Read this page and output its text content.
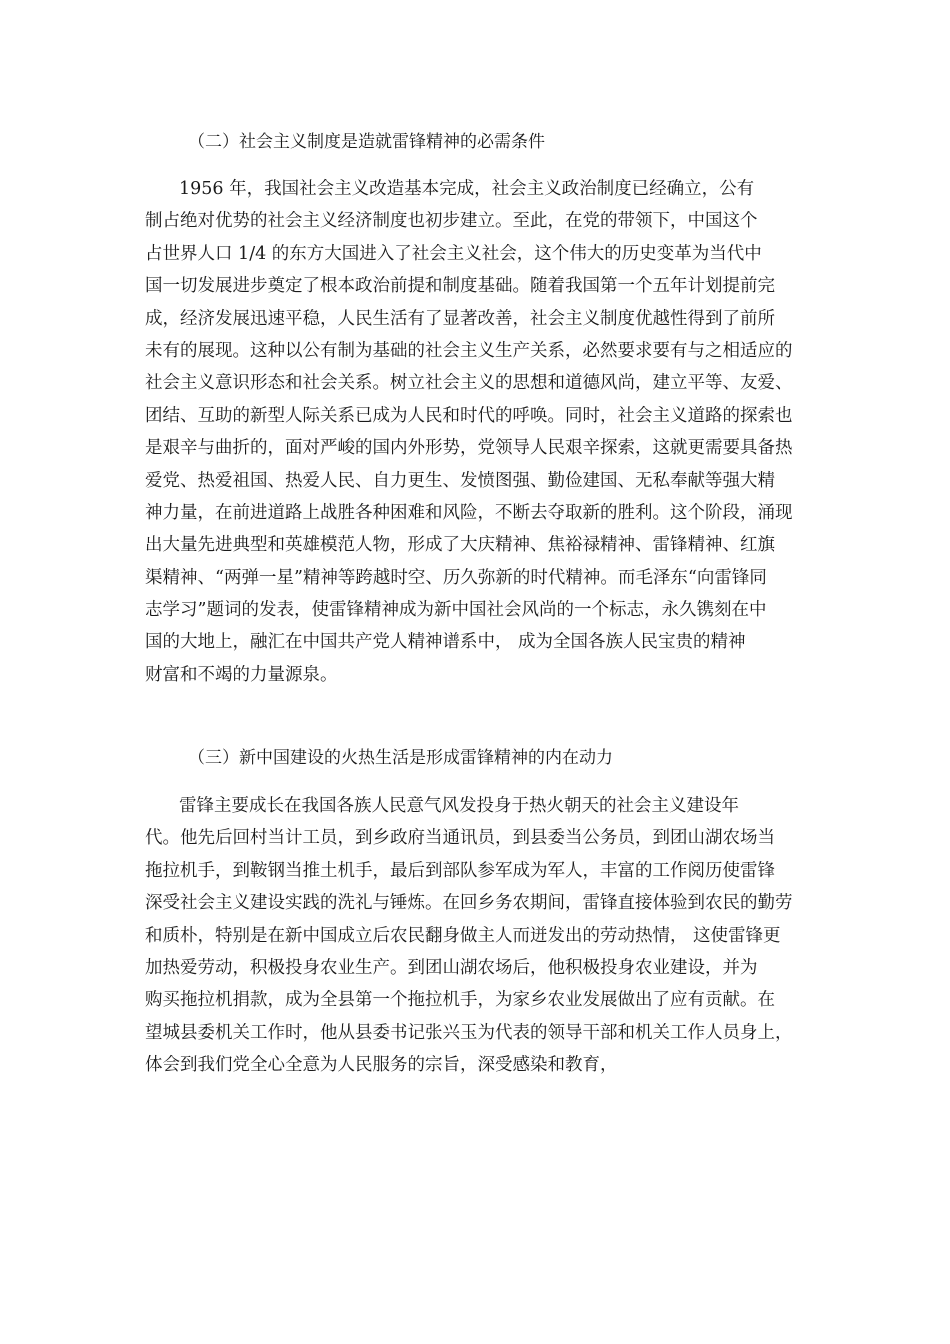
（二）社会主义制度是造就雷锋精神的必需条件
1956 年，我国社会主义改造基本完成，社会主义政治制度已经确立，公有
制占绝对优势的社会主义经济制度也初步建立。至此，在党的带领下，中国这个
占世界人口 1/4 的东方大国进入了社会主义社会，这个伟大的历史变革为当代中
国一切发展进步奠定了根本政治前提和制度基础。随着我国第一个五年计划提前完
成，经济发展迅速平稳，人民生活有了显著改善，社会主义制度优越性得到了前所
未有的展现。这种以公有制为基础的社会主义生产关系，必然要求要有与之相适应的
社会主义意识形态和社会关系。树立社会主义的思想和道德风尚，建立平等、友爱、
团结、互助的新型人际关系已成为人民和时代的呼唤。同时，社会主义道路的探索也
是艰辛与曲折的，面对严峻的国内外形势，党领导人民艰辛探索，这就更需要具备热
爱党、热爱祖国、热爱人民、自力更生、发愤图强、勤俭建国、无私奉献等强大精
神力量，在前进道路上战胜各种困难和风险，不断去夺取新的胜利。这个阶段，涌现
出大量先进典型和英雄模范人物，形成了大庆精神、焦裕禄精神、雷锋精神、红旗
渠精神、“两弹一星”精神等跨越时空、历久弥新的时代精神。而毛泽东“向雷锋同
志学习”题词的发表，使雷锋精神成为新中国社会风尚的一个标志，永久镌刻在中
国的大地上，融汇在中国共产党人精神谱系中， 成为全国各族人民宝贵的精神
财富和不竭的力量源泉。
（三）新中国建设的火热生活是形成雷锋精神的内在动力
雷锋主要成长在我国各族人民意气风发投身于热火朝天的社会主义建设年
代。他先后回村当计工员，到乡政府当通讯员，到县委当公务员，到团山湖农场当
拖拉机手，到鞍钢当推土机手，最后到部队参军成为军人，丰富的工作阅历使雷锋
深受社会主义建设实践的洗礼与锤炼。在回乡务农期间，雷锋直接体验到农民的勤劳
和质朴，特别是在新中国成立后农民翻身做主人而迸发出的劳动热情， 这使雷锋更
加热爱劳动，积极投身农业生产。到团山湖农场后，他积极投身农业建设，并为
购买拖拉机捐款，成为全县第一个拖拉机手，为家乡农业发展做出了应有贡献。在
望城县委机关工作时，他从县委书记张兴玉为代表的领导干部和机关工作人员身上，
体会到我们党全心全意为人民服务的宗旨，深受感染和教育，
